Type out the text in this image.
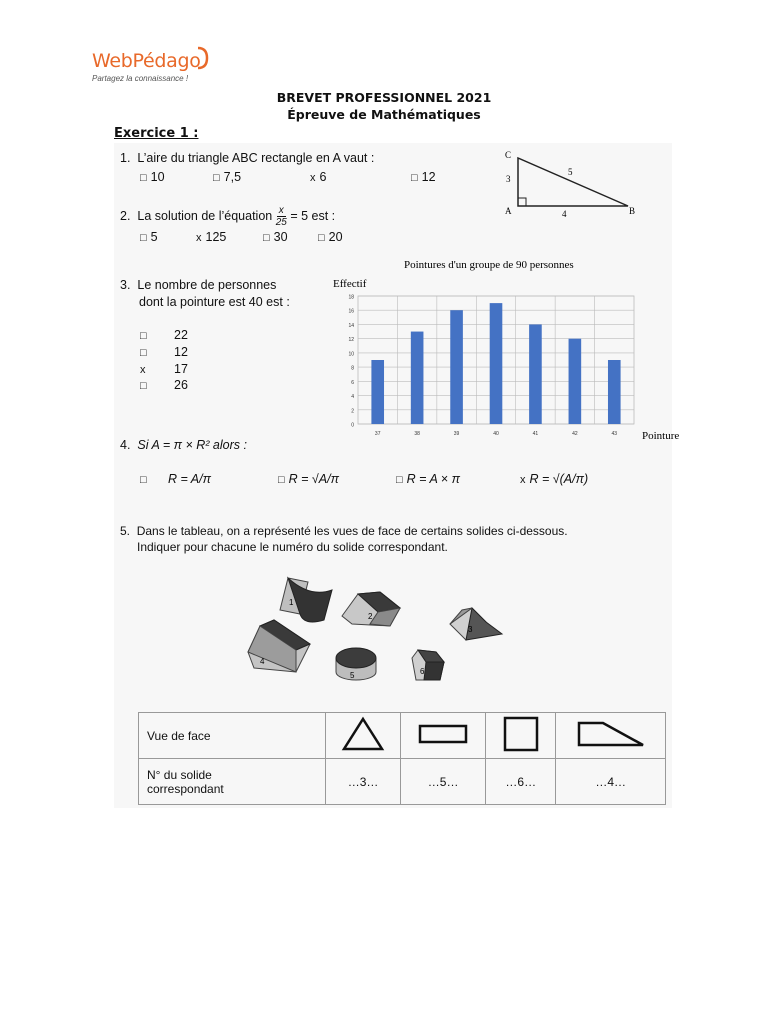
WebPédago
Partagez la connaissance !
BREVET PROFESSIONNEL 2021
Épreuve de Mathématiques
Exercice 1 :
1. L’aire du triangle ABC rectangle en A vaut :
□ 10	□ 7,5	x 6	□ 12
C
A	B
3
4
5
2. La solution de l’équation $\frac{x}{25} = 5$ est :
□ 5	x 125	□ 30	□ 20
3. Le nombre de personnes
dont la pointure est 40 est :
□ 22
□ 12
x 17
□ 26
Pointures d'un groupe de 90 personnes
Effectif
Pointure
0
2
4
6
8
10
12
14
16
18
37	38	39	40	41	42	43
4. Si A = π × R² alors :
□ R = A/π	□ R = √A/π	□ R = A × π	x R = √(A/π)
5. Dans le tableau, on a représenté les vues de face de certains solides ci-dessous.
Indiquer pour chacune le numéro du solide correspondant.
1
2
3
4
5	6
Vue de face				

N° du solide
correspondant	…3…	…5…	…6…	…4…
